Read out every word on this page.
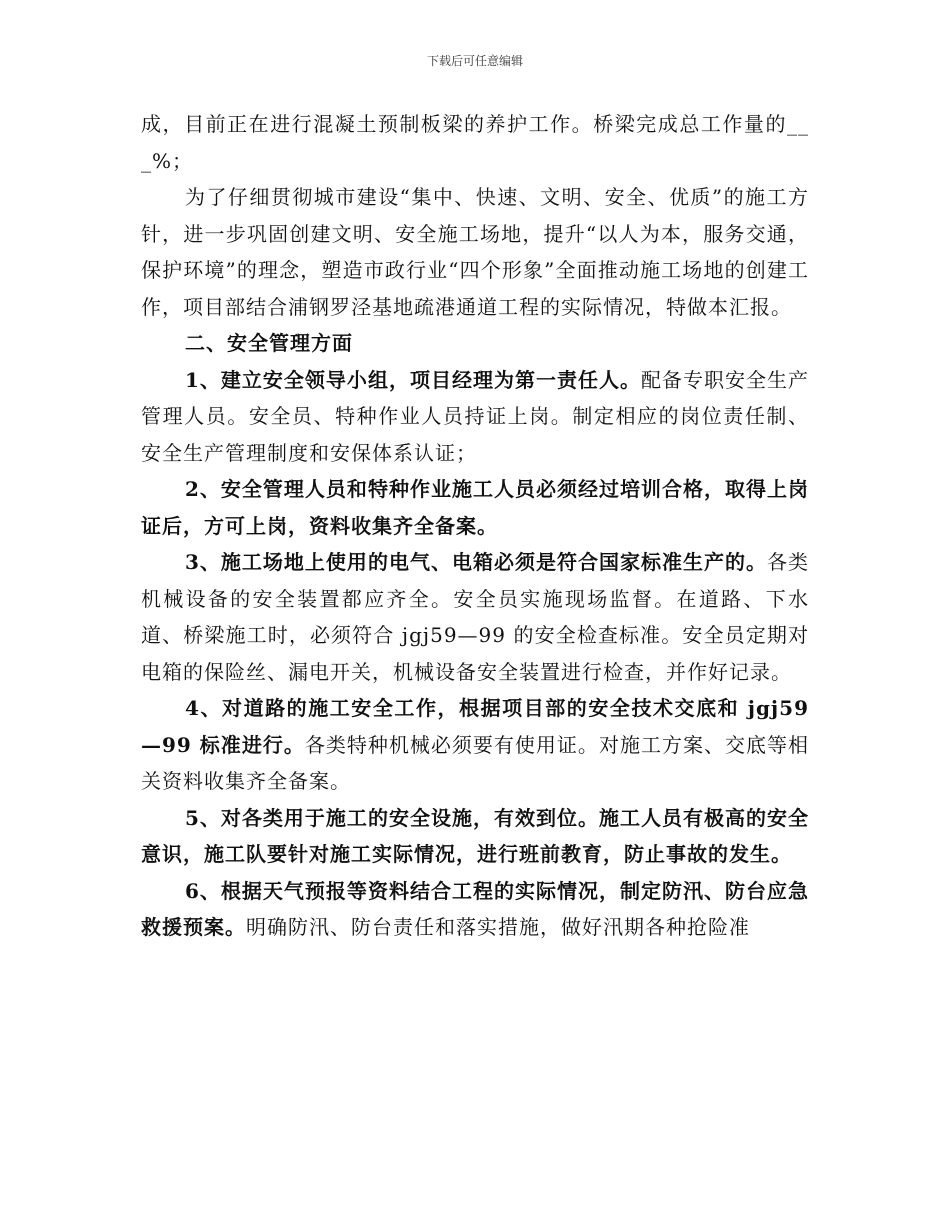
下载后可任意编辑

成，目前正在进行混凝土预制板梁的养护工作。桥梁完成总工作量的___%；

为了仔细贯彻城市建设“集中、快速、文明、安全、优质”的施工方针，进一步巩固创建文明、安全施工场地，提升“以人为本，服务交通，保护环境”的理念，塑造市政行业“四个形象”全面推动施工场地的创建工作，项目部结合浦钢罗泾基地疏港通道工程的实际情况，特做本汇报。

二、安全管理方面

1、建立安全领导小组，项目经理为第一责任人。配备专职安全生产管理人员。安全员、特种作业人员持证上岗。制定相应的岗位责任制、安全生产管理制度和安保体系认证；

2、安全管理人员和特种作业施工人员必须经过培训合格，取得上岗证后，方可上岗，资料收集齐全备案。

3、施工场地上使用的电气、电箱必须是符合国家标准生产的。各类机械设备的安全装置都应齐全。安全员实施现场监督。在道路、下水道、桥梁施工时，必须符合 jgj59—99 的安全检查标准。安全员定期对电箱的保险丝、漏电开关，机械设备安全装置进行检查，并作好记录。

4、对道路的施工安全工作，根据项目部的安全技术交底和 jgj59—99 标准进行。各类特种机械必须要有使用证。对施工方案、交底等相关资料收集齐全备案。

5、对各类用于施工的安全设施，有效到位。施工人员有极高的安全意识，施工队要针对施工实际情况，进行班前教育，防止事故的发生。

6、根据天气预报等资料结合工程的实际情况，制定防汛、防台应急救援预案。明确防汛、防台责任和落实措施，做好汛期各种抢险准
